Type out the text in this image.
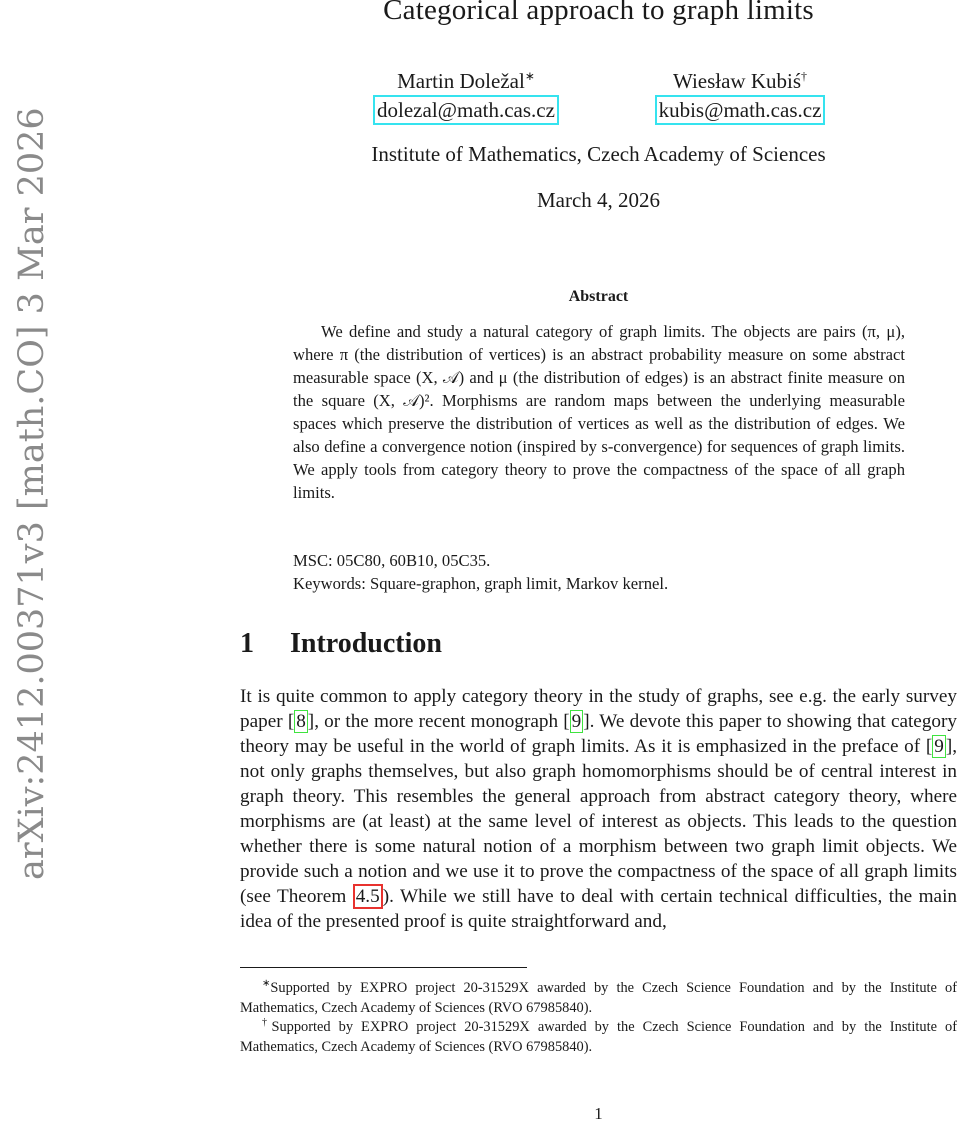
arXiv:2412.00371v3 [math.CO] 3 Mar 2026
Categorical approach to graph limits
Martin Doležal∗
dolezal@math.cas.cz
Wiesław Kubiś†
kubis@math.cas.cz
Institute of Mathematics, Czech Academy of Sciences
March 4, 2026
Abstract
We define and study a natural category of graph limits. The objects are pairs (π, μ), where π (the distribution of vertices) is an abstract probability measure on some abstract measurable space (X, 𝒜) and μ (the distribution of edges) is an abstract finite measure on the square (X, 𝒜)². Morphisms are random maps between the underlying measurable spaces which preserve the distribution of vertices as well as the distribution of edges. We also define a convergence notion (inspired by s-convergence) for sequences of graph limits. We apply tools from category theory to prove the compactness of the space of all graph limits.
MSC: 05C80, 60B10, 05C35.
Keywords: Square-graphon, graph limit, Markov kernel.
1 Introduction
It is quite common to apply category theory in the study of graphs, see e.g. the early survey paper [ 8 ], or the more recent monograph [ 9 ]. We devote this paper to showing that category theory may be useful in the world of graph limits. As it is emphasized in the preface of [ 9 ], not only graphs themselves, but also graph homomorphisms should be of central interest in graph theory. This resembles the general approach from abstract category theory, where morphisms are (at least) at the same level of interest as objects. This leads to the question whether there is some natural notion of a morphism between two graph limit objects. We provide such a notion and we use it to prove the compactness of the space of all graph limits (see Theorem 4.5 ). While we still have to deal with certain technical difficulties, the main idea of the presented proof is quite straightforward and,
∗Supported by EXPRO project 20-31529X awarded by the Czech Science Foundation and by the Institute of Mathematics, Czech Academy of Sciences (RVO 67985840).
†Supported by EXPRO project 20-31529X awarded by the Czech Science Foundation and by the Institute of Mathematics, Czech Academy of Sciences (RVO 67985840).
1
